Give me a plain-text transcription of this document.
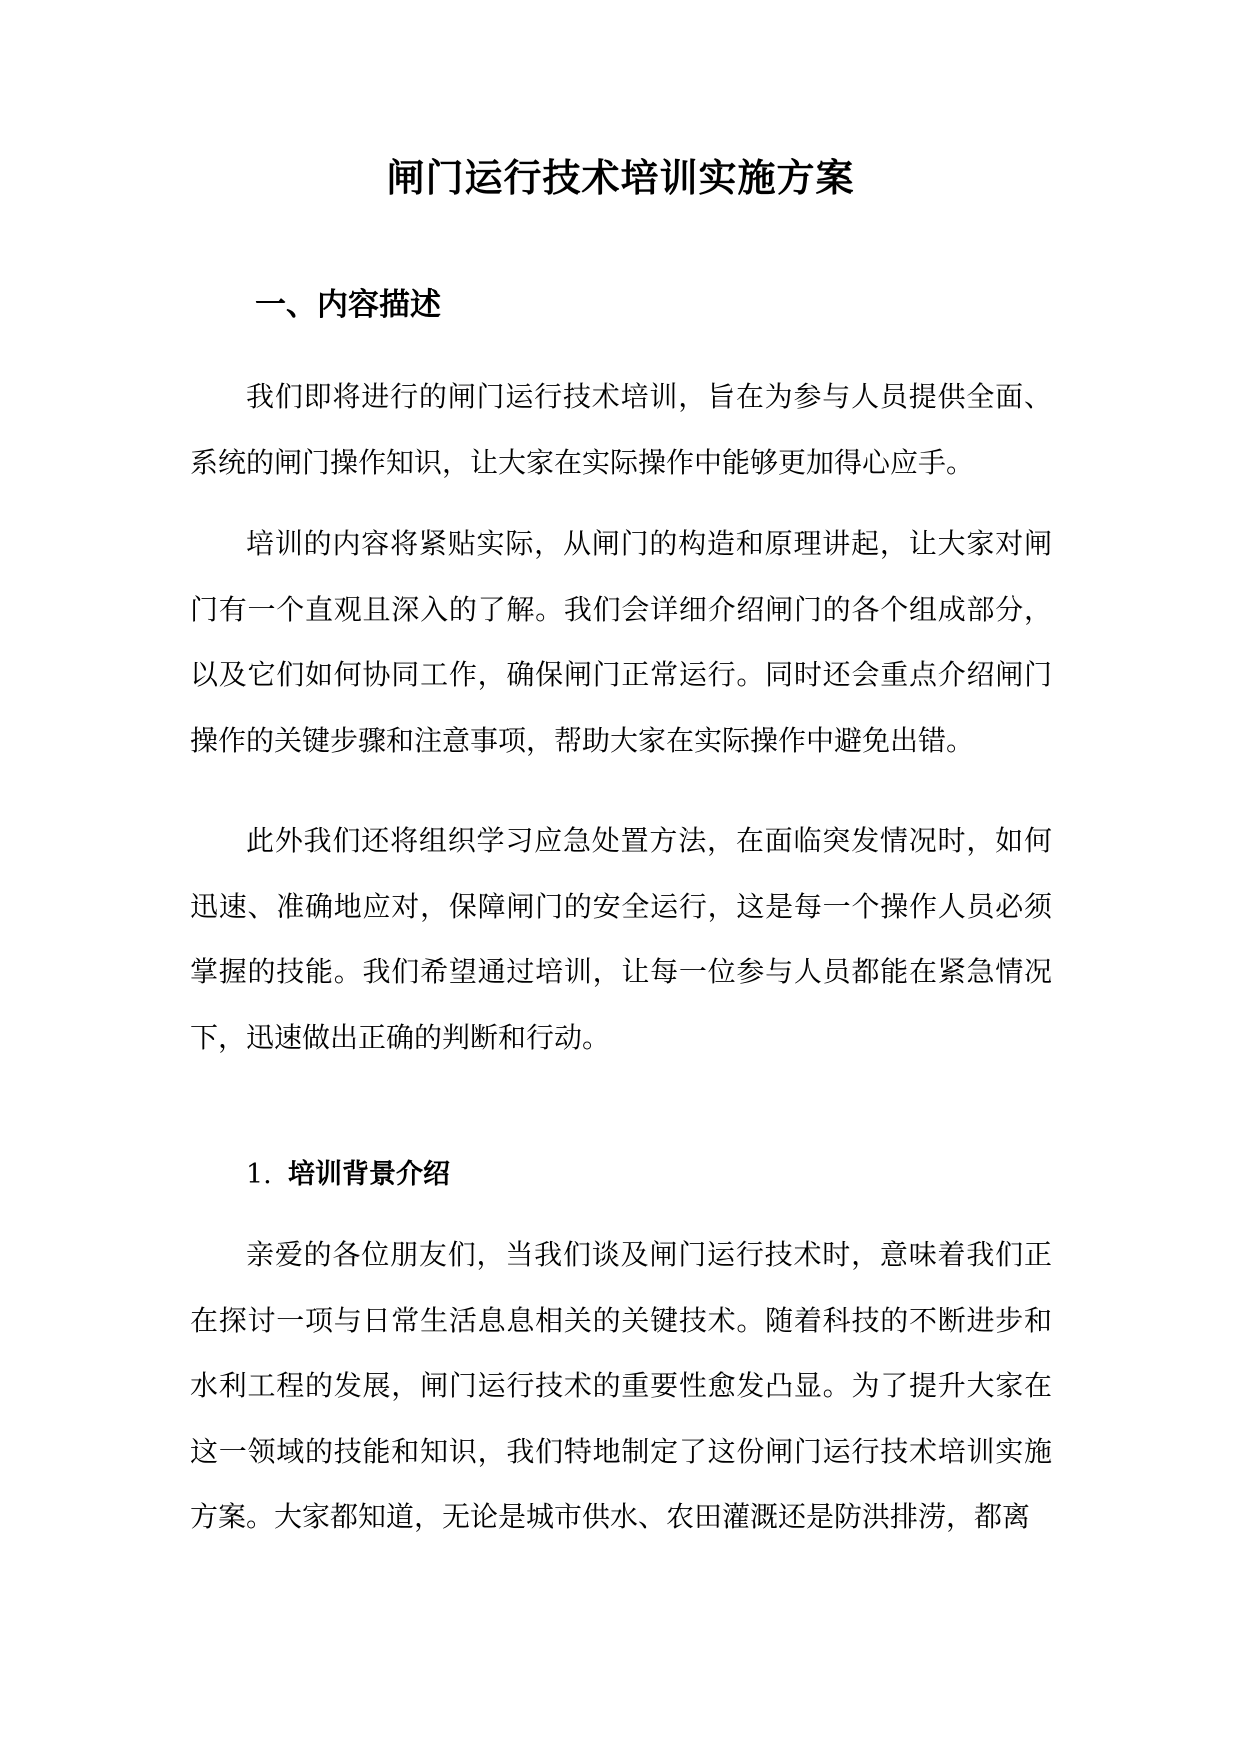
闸门运行技术培训实施方案
一、内容描述

我们即将进行的闸门运行技术培训，旨在为参与人员提供全面、系统的闸门操作知识，让大家在实际操作中能够更加得心应手。

培训的内容将紧贴实际，从闸门的构造和原理讲起，让大家对闸门有一个直观且深入的了解。我们会详细介绍闸门的各个组成部分，以及它们如何协同工作，确保闸门正常运行。同时还会重点介绍闸门操作的关键步骤和注意事项，帮助大家在实际操作中避免出错。

此外我们还将组织学习应急处置方法，在面临突发情况时，如何迅速、准确地应对，保障闸门的安全运行，这是每一个操作人员必须掌握的技能。我们希望通过培训，让每一位参与人员都能在紧急情况下，迅速做出正确的判断和行动。

1. 培训背景介绍

亲爱的各位朋友们，当我们谈及闸门运行技术时，意味着我们正在探讨一项与日常生活息息相关的关键技术。随着科技的不断进步和水利工程的发展，闸门运行技术的重要性愈发凸显。为了提升大家在这一领域的技能和知识，我们特地制定了这份闸门运行技术培训实施方案。大家都知道，无论是城市供水、农田灌溉还是防洪排涝，都离
